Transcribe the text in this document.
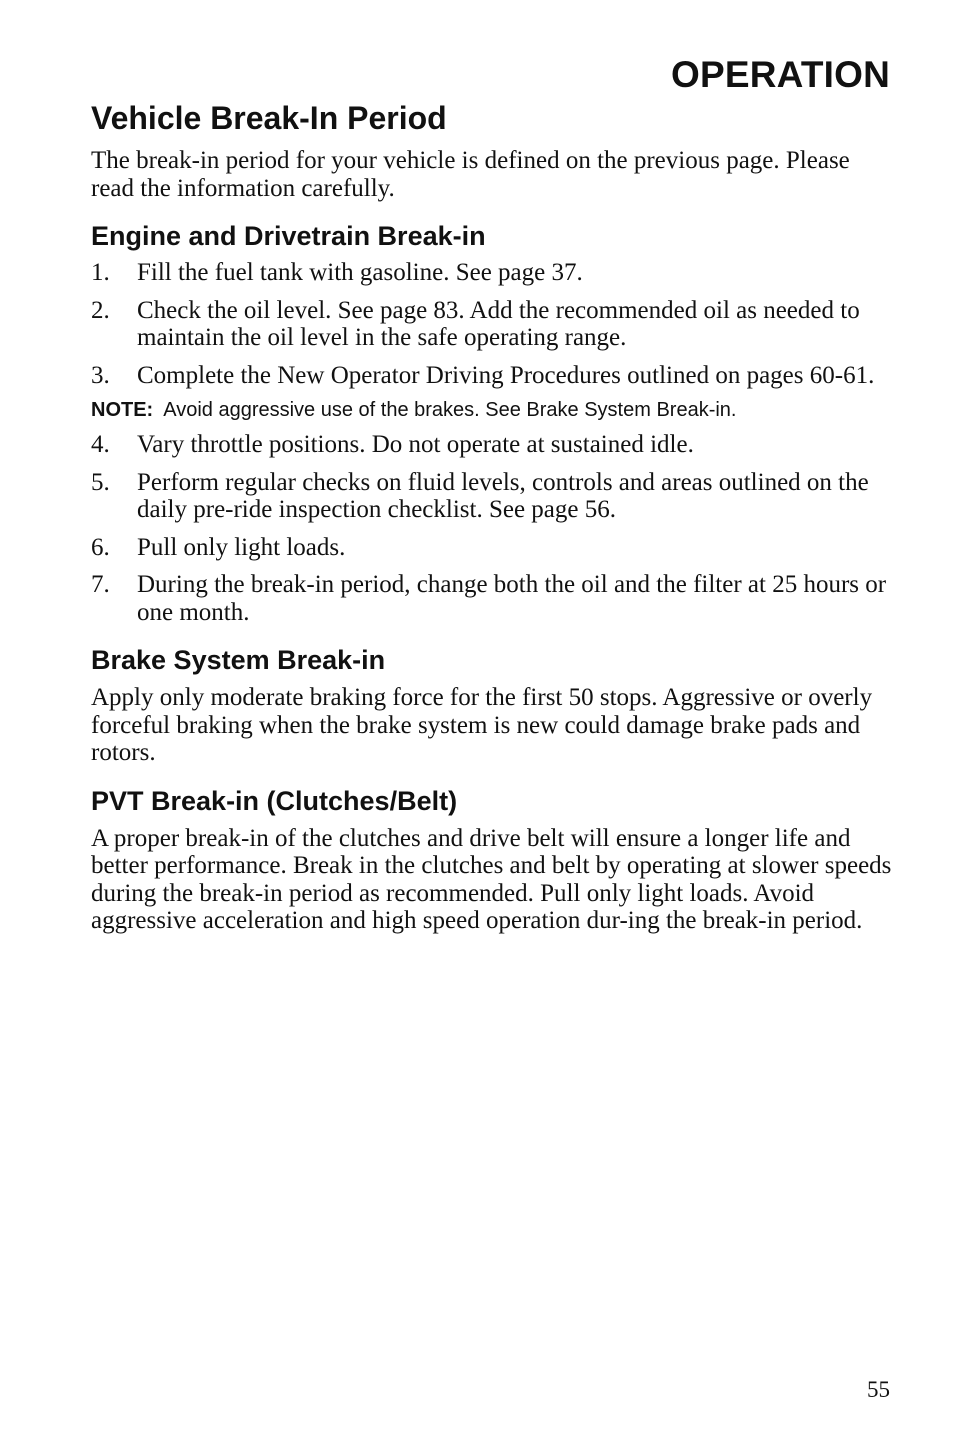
OPERATION
Vehicle Break-In Period

The break-in period for your vehicle is defined on the previous page. Please read the information carefully.

Engine and Drivetrain Break-in
1. Fill the fuel tank with gasoline. See page 37.
2. Check the oil level. See page 83. Add the recommended oil as needed to maintain the oil level in the safe operating range.
3. Complete the New Operator Driving Procedures outlined on pages 60-61.
NOTE: Avoid aggressive use of the brakes. See Brake System Break-in.
4. Vary throttle positions. Do not operate at sustained idle.
5. Perform regular checks on fluid levels, controls and areas outlined on the daily pre-ride inspection checklist. See page 56.
6. Pull only light loads.
7. During the break-in period, change both the oil and the filter at 25 hours or one month.
Brake System Break-in

Apply only moderate braking force for the first 50 stops. Aggressive or overly forceful braking when the brake system is new could damage brake pads and rotors.

PVT Break-in (Clutches/Belt)

A proper break-in of the clutches and drive belt will ensure a longer life and better performance. Break in the clutches and belt by operating at slower speeds during the break-in period as recommended. Pull only light loads. Avoid aggressive acceleration and high speed operation dur-ing the break-in period.

55
